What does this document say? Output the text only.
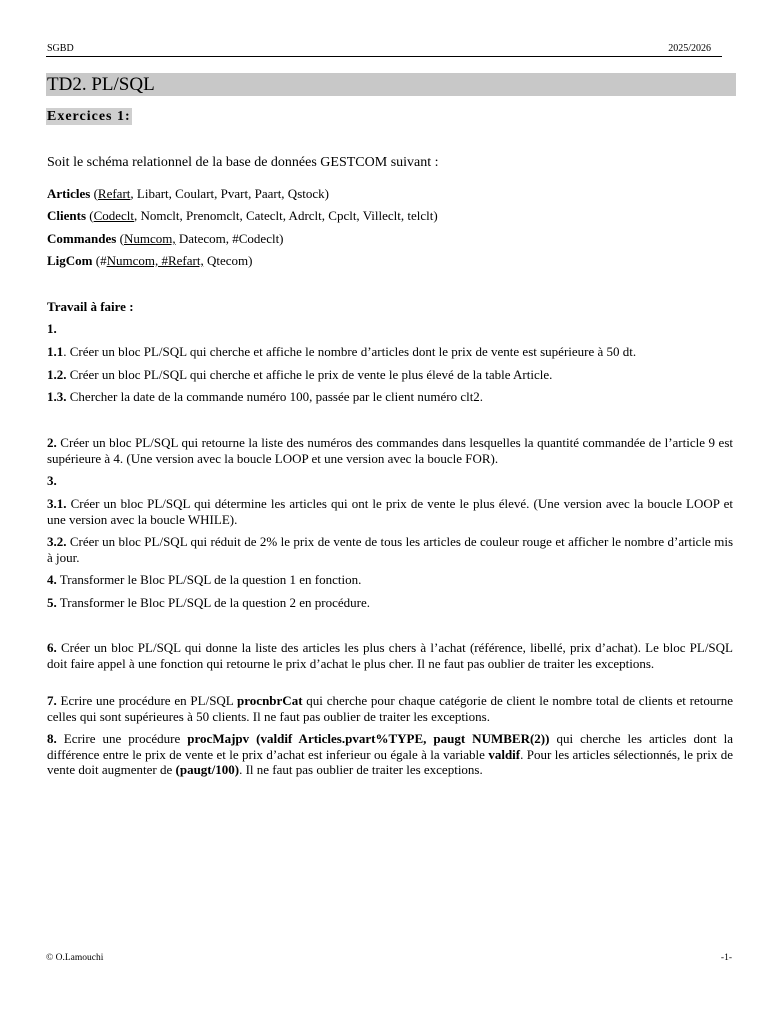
SGBD	2025/2026
TD2. PL/SQL
Exercices 1:
Soit le schéma relationnel de la base de données GESTCOM suivant :
Articles (Refart, Libart, Coulart, Pvart, Paart, Qstock)
Clients (Codeclt, Nomclt, Prenomclt, Cateclt, Adrclt, Cpclt, Villeclt, telclt)
Commandes (Numcom, Datecom, #Codeclt)
LigCom (#Numcom, #Refart, Qtecom)
Travail à faire :
1.
1.1. Créer un bloc PL/SQL qui cherche et affiche le nombre d’articles dont le prix de vente est supérieure à 50 dt.
1.2. Créer un bloc PL/SQL qui cherche et affiche le prix de vente le plus élevé de la table Article.
1.3. Chercher la date de la commande numéro 100, passée par le client numéro clt2.
2. Créer un bloc PL/SQL qui retourne la liste des numéros des commandes dans lesquelles la quantité commandée de l’article 9 est supérieure à 4. (Une version avec la boucle LOOP et une version avec la boucle FOR).
3.
3.1. Créer un bloc PL/SQL qui détermine les articles qui ont le prix de vente le plus élevé. (Une version avec la boucle LOOP et une version avec la boucle WHILE).
3.2. Créer un bloc PL/SQL qui réduit de 2% le prix de vente de tous les articles de couleur rouge et afficher le nombre d’article mis à jour.
4. Transformer le Bloc PL/SQL de la question 1 en fonction.
5. Transformer le Bloc PL/SQL de la question 2 en procédure.
6. Créer un bloc PL/SQL qui donne la liste des articles les plus chers à l’achat (référence, libellé, prix d’achat). Le bloc PL/SQL doit faire appel à une fonction qui retourne le prix d’achat le plus cher. Il ne faut pas oublier de traiter les exceptions.
7. Ecrire une procédure en PL/SQL procnbrCat qui cherche pour chaque catégorie de client le nombre total de clients et retourne celles qui sont supérieures à 50 clients. Il ne faut pas oublier de traiter les exceptions.
8. Ecrire une procédure procMajpv (valdif Articles.pvart%TYPE, paugt NUMBER(2)) qui cherche les articles dont la différence entre le prix de vente et le prix d’achat est inferieur ou égale à la variable valdif. Pour les articles sélectionnés, le prix de vente doit augmenter de (paugt/100). Il ne faut pas oublier de traiter les exceptions.
SET SERVEROUTPUT ON
© O.Lamouchi	-1-
